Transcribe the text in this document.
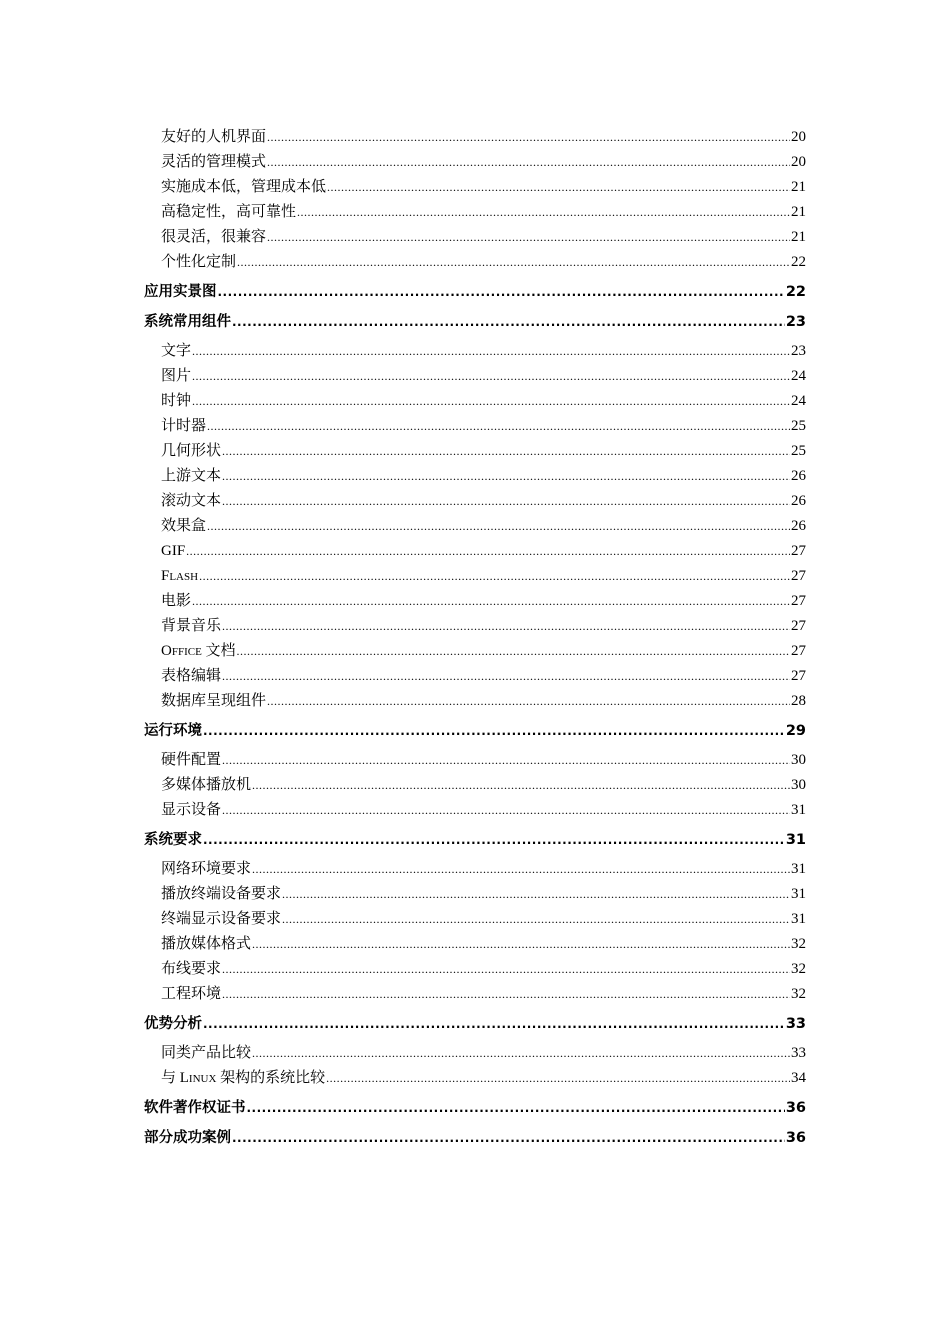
友好的人机界面 .....	20
灵活的管理模式 .....	20
实施成本低，管理成本低 .....	21
高稳定性，高可靠性 .....	21
很灵活，很兼容 .....	21
个性化定制 .....	22
应用实景图 .....	22
系统常用组件 .....	23
文字 .....	23
图片 .....	24
时钟 .....	24
计时器 .....	25
几何形状 .....	25
上游文本 .....	26
滚动文本 .....	26
效果盒 .....	26
GIF .....	27
Flash .....	27
电影 .....	27
背景音乐 .....	27
Office 文档 .....	27
表格编辑 .....	27
数据库呈现组件 .....	28
运行环境 .....	29
硬件配置 .....	30
多媒体播放机 .....	30
显示设备 .....	31
系统要求 .....	31
网络环境要求 .....	31
播放终端设备要求 .....	31
终端显示设备要求 .....	31
播放媒体格式 .....	32
布线要求 .....	32
工程环境 .....	32
优势分析 .....	33
同类产品比较 .....	33
与 Linux 架构的系统比较 .....	34
软件著作权证书 .....	36
部分成功案例 .....	36
